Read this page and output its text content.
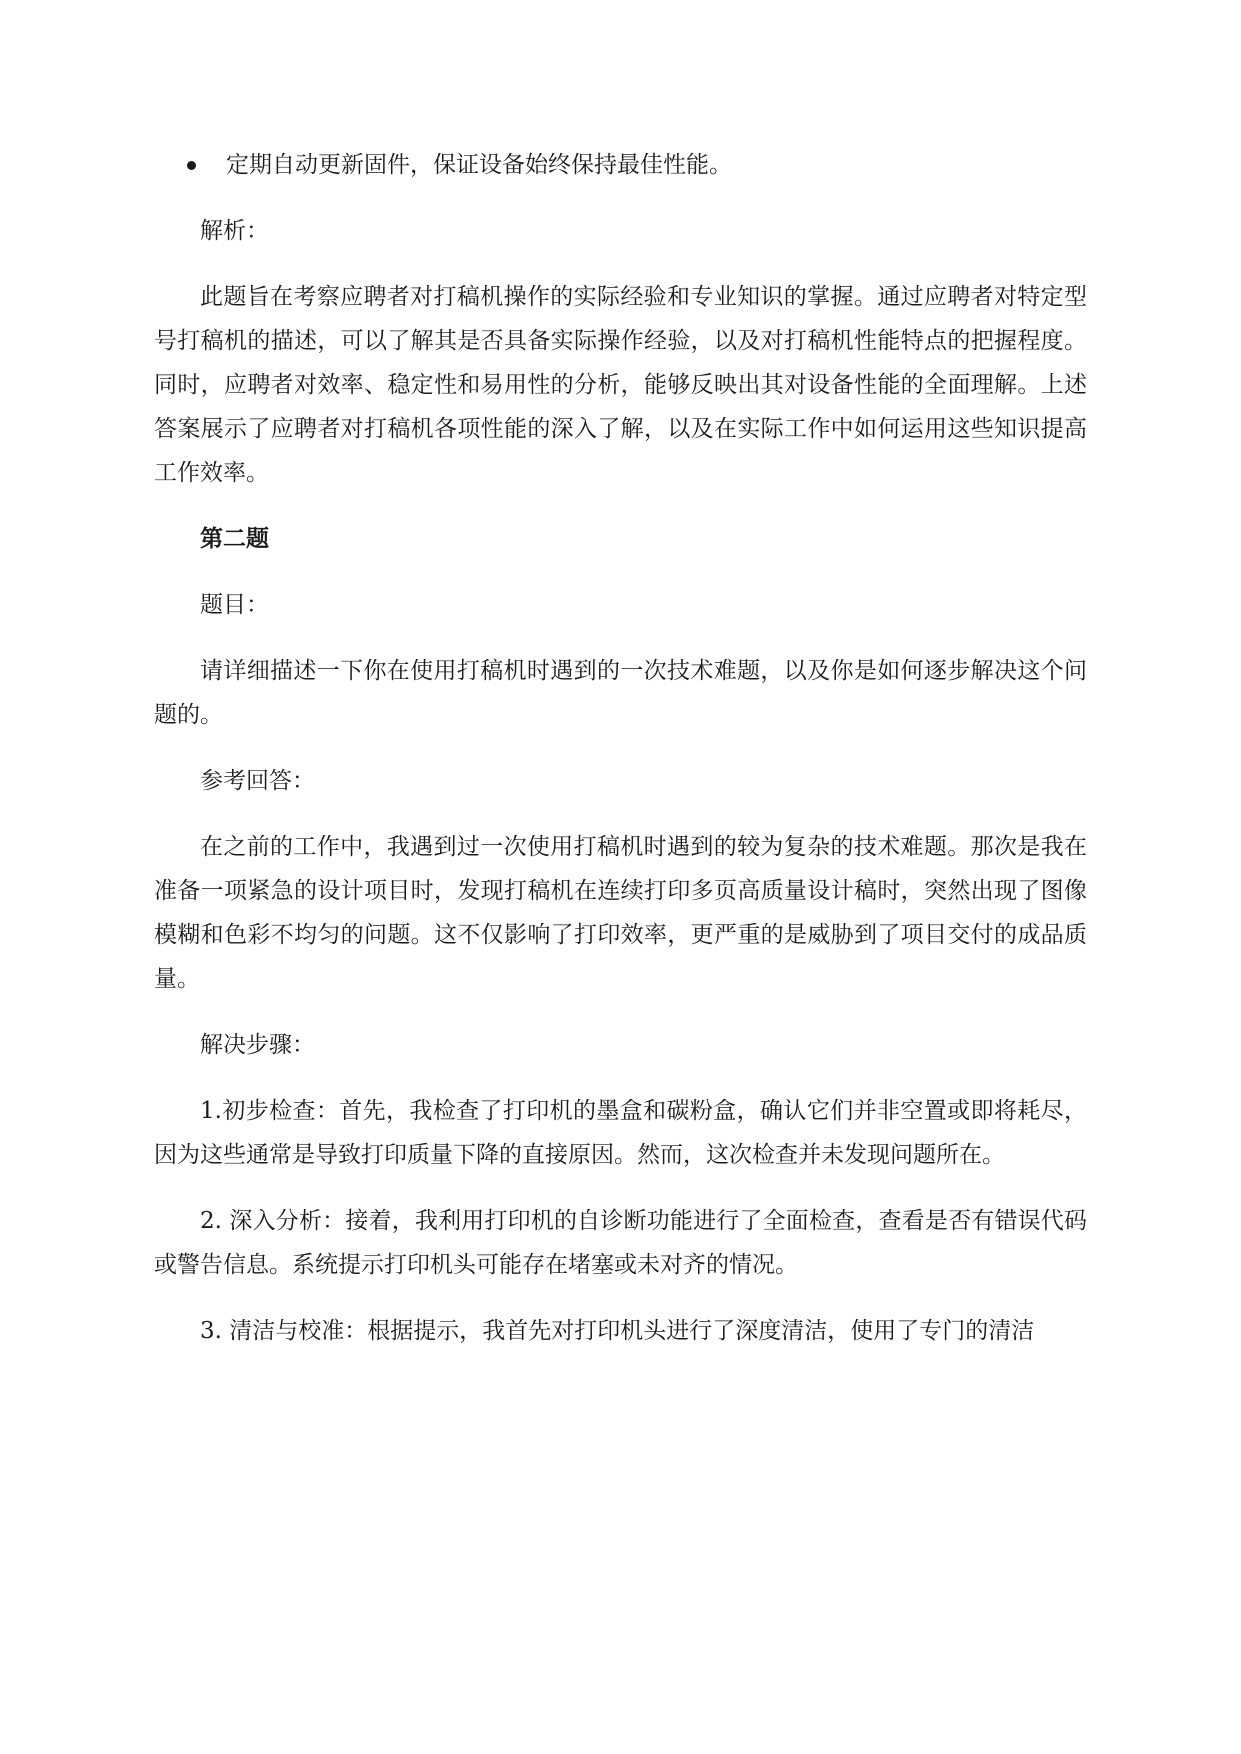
定期自动更新固件，保证设备始终保持最佳性能。

解析：

此题旨在考察应聘者对打稿机操作的实际经验和专业知识的掌握。通过应聘者对特定型号打稿机的描述，可以了解其是否具备实际操作经验，以及对打稿机性能特点的把握程度。同时，应聘者对效率、稳定性和易用性的分析，能够反映出其对设备性能的全面理解。上述答案展示了应聘者对打稿机各项性能的深入了解，以及在实际工作中如何运用这些知识提高工作效率。

第二题

题目：

请详细描述一下你在使用打稿机时遇到的一次技术难题，以及你是如何逐步解决这个问题的。

参考回答：

在之前的工作中，我遇到过一次使用打稿机时遇到的较为复杂的技术难题。那次是我在准备一项紧急的设计项目时，发现打稿机在连续打印多页高质量设计稿时，突然出现了图像模糊和色彩不均匀的问题。这不仅影响了打印效率，更严重的是威胁到了项目交付的成品质量。

解决步骤：

1.初步检查：首先，我检查了打印机的墨盒和碳粉盒，确认它们并非空置或即将耗尽，因为这些通常是导致打印质量下降的直接原因。然而，这次检查并未发现问题所在。

2. 深入分析：接着，我利用打印机的自诊断功能进行了全面检查，查看是否有错误代码或警告信息。系统提示打印机头可能存在堵塞或未对齐的情况。

3. 清洁与校准：根据提示，我首先对打印机头进行了深度清洁，使用了专门的清洁
